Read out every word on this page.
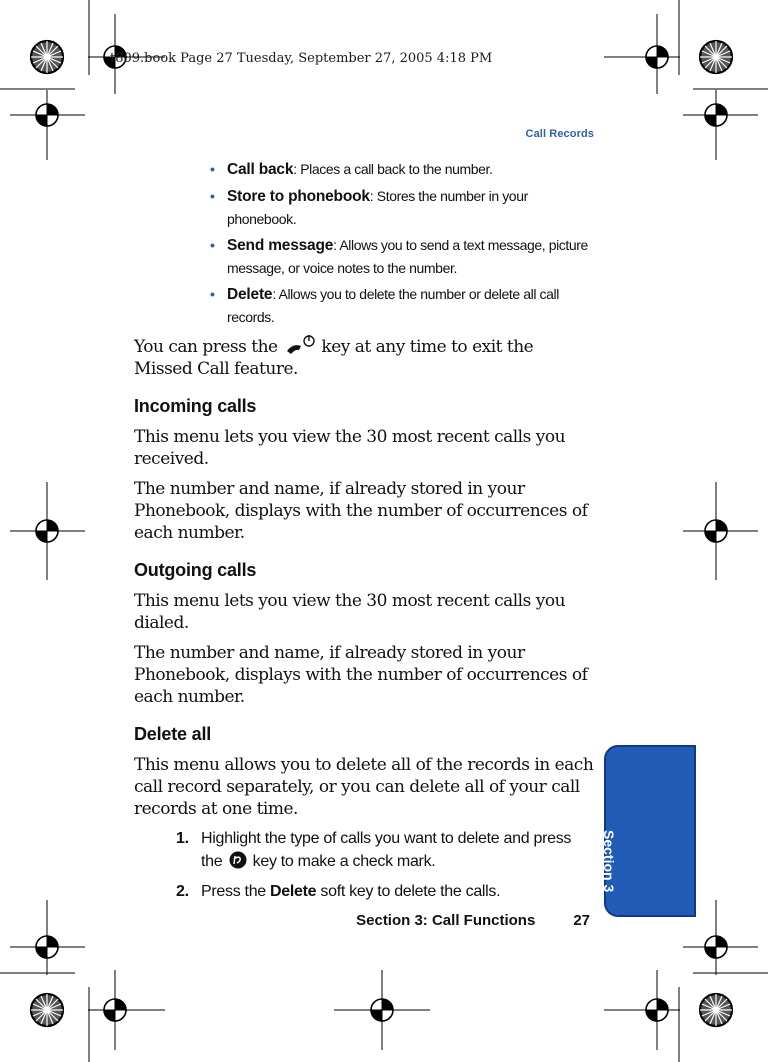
t809.book Page 27 Tuesday, September 27, 2005 4:18 PM
Call Records
• Call back: Places a call back to the number.
• Store to phonebook: Stores the number in your phonebook.
• Send message: Allows you to send a text message, picture message, or voice notes to the number.
• Delete: Allows you to delete the number or delete all call records.

You can press the  key at any time to exit the Missed Call feature.

Incoming calls

This menu lets you view the 30 most recent calls you received.

The number and name, if already stored in your Phonebook, displays with the number of occurrences of each number.

Outgoing calls

This menu lets you view the 30 most recent calls you dialed.

The number and name, if already stored in your Phonebook, displays with the number of occurrences of each number.

Delete all

This menu allows you to delete all of the records in each call record separately, or you can delete all of your call records at one time.

1. Highlight the type of calls you want to delete and press the  key to make a check mark.
2. Press the Delete soft key to delete the calls.
Section 3: Call Functions	27
Section 3
